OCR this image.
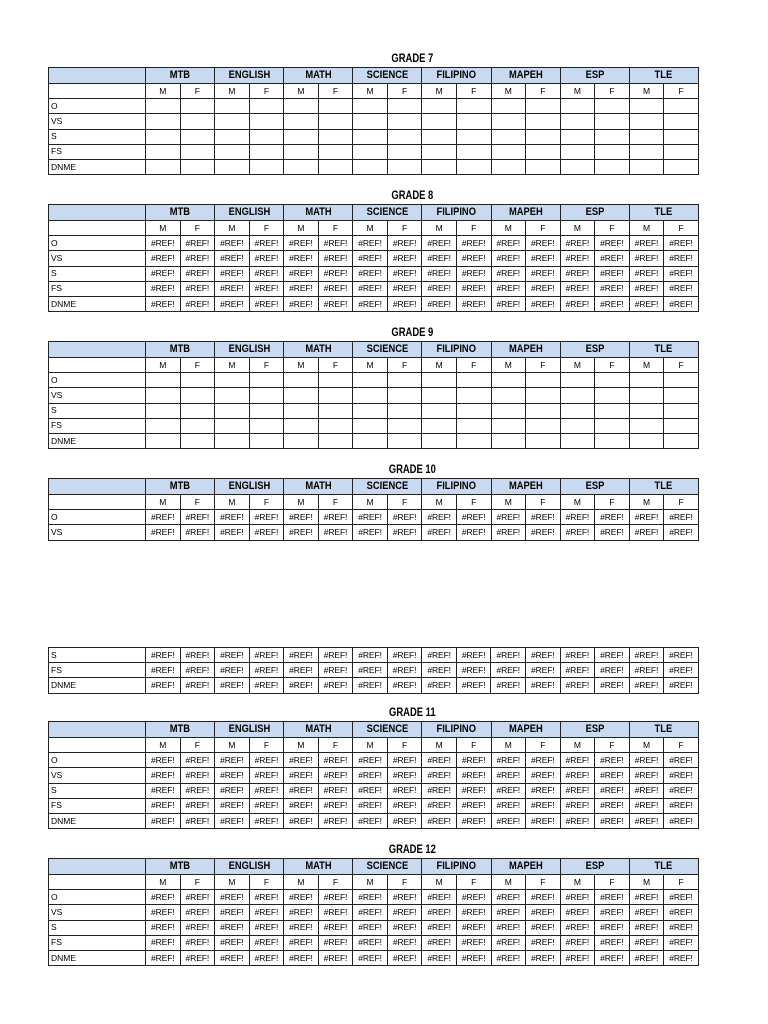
GRADE 7
	MTB		ENGLISH		MATH		SCIENCE		FILIPINO		MAPEH		ESP		TLE	
	M	F	M	F	M	F	M	F	M	F	M	F	M	F	M	F
O																
VS																
S																
FS																
DNME																
GRADE 8
	MTB		ENGLISH		MATH		SCIENCE		FILIPINO		MAPEH		ESP		TLE	
	M	F	M	F	M	F	M	F	M	F	M	F	M	F	M	F
O	#REF!	#REF!	#REF!	#REF!	#REF!	#REF!	#REF!	#REF!	#REF!	#REF!	#REF!	#REF!	#REF!	#REF!	#REF!	#REF!
VS	#REF!	#REF!	#REF!	#REF!	#REF!	#REF!	#REF!	#REF!	#REF!	#REF!	#REF!	#REF!	#REF!	#REF!	#REF!	#REF!
S	#REF!	#REF!	#REF!	#REF!	#REF!	#REF!	#REF!	#REF!	#REF!	#REF!	#REF!	#REF!	#REF!	#REF!	#REF!	#REF!
FS	#REF!	#REF!	#REF!	#REF!	#REF!	#REF!	#REF!	#REF!	#REF!	#REF!	#REF!	#REF!	#REF!	#REF!	#REF!	#REF!
DNME	#REF!	#REF!	#REF!	#REF!	#REF!	#REF!	#REF!	#REF!	#REF!	#REF!	#REF!	#REF!	#REF!	#REF!	#REF!	#REF!
GRADE 9
	MTB		ENGLISH		MATH		SCIENCE		FILIPINO		MAPEH		ESP		TLE	
	M	F	M	F	M	F	M	F	M	F	M	F	M	F	M	F
O																
VS																
S																
FS																
DNME																
GRADE 10
	MTB		ENGLISH		MATH		SCIENCE		FILIPINO		MAPEH		ESP		TLE	
	M	F	M	F	M	F	M	F	M	F	M	F	M	F	M	F
O	#REF!	#REF!	#REF!	#REF!	#REF!	#REF!	#REF!	#REF!	#REF!	#REF!	#REF!	#REF!	#REF!	#REF!	#REF!	#REF!
VS	#REF!	#REF!	#REF!	#REF!	#REF!	#REF!	#REF!	#REF!	#REF!	#REF!	#REF!	#REF!	#REF!	#REF!	#REF!	#REF!
S	#REF!	#REF!	#REF!	#REF!	#REF!	#REF!	#REF!	#REF!	#REF!	#REF!	#REF!	#REF!	#REF!	#REF!	#REF!	#REF!
FS	#REF!	#REF!	#REF!	#REF!	#REF!	#REF!	#REF!	#REF!	#REF!	#REF!	#REF!	#REF!	#REF!	#REF!	#REF!	#REF!
DNME	#REF!	#REF!	#REF!	#REF!	#REF!	#REF!	#REF!	#REF!	#REF!	#REF!	#REF!	#REF!	#REF!	#REF!	#REF!	#REF!
GRADE 11
	MTB		ENGLISH		MATH		SCIENCE		FILIPINO		MAPEH		ESP		TLE	
	M	F	M	F	M	F	M	F	M	F	M	F	M	F	M	F
O	#REF!	#REF!	#REF!	#REF!	#REF!	#REF!	#REF!	#REF!	#REF!	#REF!	#REF!	#REF!	#REF!	#REF!	#REF!	#REF!
VS	#REF!	#REF!	#REF!	#REF!	#REF!	#REF!	#REF!	#REF!	#REF!	#REF!	#REF!	#REF!	#REF!	#REF!	#REF!	#REF!
S	#REF!	#REF!	#REF!	#REF!	#REF!	#REF!	#REF!	#REF!	#REF!	#REF!	#REF!	#REF!	#REF!	#REF!	#REF!	#REF!
FS	#REF!	#REF!	#REF!	#REF!	#REF!	#REF!	#REF!	#REF!	#REF!	#REF!	#REF!	#REF!	#REF!	#REF!	#REF!	#REF!
DNME	#REF!	#REF!	#REF!	#REF!	#REF!	#REF!	#REF!	#REF!	#REF!	#REF!	#REF!	#REF!	#REF!	#REF!	#REF!	#REF!
GRADE 12
	MTB		ENGLISH		MATH		SCIENCE		FILIPINO		MAPEH		ESP		TLE	
	M	F	M	F	M	F	M	F	M	F	M	F	M	F	M	F
O	#REF!	#REF!	#REF!	#REF!	#REF!	#REF!	#REF!	#REF!	#REF!	#REF!	#REF!	#REF!	#REF!	#REF!	#REF!	#REF!
VS	#REF!	#REF!	#REF!	#REF!	#REF!	#REF!	#REF!	#REF!	#REF!	#REF!	#REF!	#REF!	#REF!	#REF!	#REF!	#REF!
S	#REF!	#REF!	#REF!	#REF!	#REF!	#REF!	#REF!	#REF!	#REF!	#REF!	#REF!	#REF!	#REF!	#REF!	#REF!	#REF!
FS	#REF!	#REF!	#REF!	#REF!	#REF!	#REF!	#REF!	#REF!	#REF!	#REF!	#REF!	#REF!	#REF!	#REF!	#REF!	#REF!
DNME	#REF!	#REF!	#REF!	#REF!	#REF!	#REF!	#REF!	#REF!	#REF!	#REF!	#REF!	#REF!	#REF!	#REF!	#REF!	#REF!
